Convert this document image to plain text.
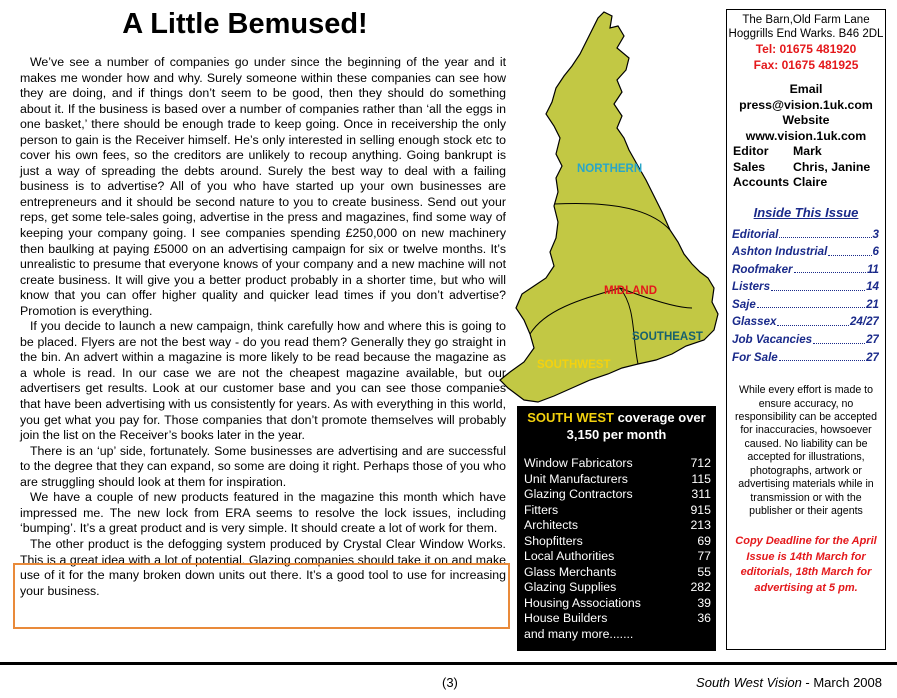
A Little Bemused!

We’ve see a number of companies go under since the beginning of the year and it makes me wonder how and why. Surely someone within these companies can see how they are doing, and if things don’t seem to be good, then they should do something about it. If the business is based over a number of companies rather than ‘all the eggs in one basket,’ there should be enough trade to keep going. Once in receivership the only person to gain is the Receiver himself. He’s only interested in selling enough stock etc to cover his own fees, so the creditors are unlikely to recoup anything. Going bankrupt is just a way of spreading the debts around. Surely the best way to deal with a failing business is to advertise? All of you who have started up your own businesses are entrepreneurs and it should be second nature to you to create business. Send out your reps, get some tele-sales going, advertise in the press and magazines, find some way of keeping your company going. I see companies spending £250,000 on new machinery then baulking at paying £5000 on an advertising campaign for six or twelve months. It’s unrealistic to presume that everyone knows of your company and a new machine will not create business. It will give you a better product probably in a shorter time, but who will know that you can offer higher quality and quicker lead times if you don’t advertise? Promotion is everything.

If you decide to launch a new campaign, think carefully how and where this is going to be placed. Flyers are not the best way - do you read them? Generally they go straight in the bin. An advert within a magazine is more likely to be read because the magazine as a whole is read. In our case we are not the cheapest magazine available, but our advertisers get results. Look at our customer base and you can see those companies that have been advertising with us consistently for years. As with everything in this world, you get what you pay for. Those companies that don’t promote themselves will probably join the list on the Receiver’s books later in the year.

There is an ‘up’ side, fortunately. Some businesses are advertising and are successful to the degree that they can expand, so some are doing it right. Perhaps those of you who are struggling should look at them for inspiration.

We have a couple of new products featured in the magazine this month which have impressed me. The new lock from ERA seems to resolve the lock issues, including ‘bumping’. It’s a great product and is very simple. It should create a lot of work for them.

The other product is the defogging system produced by Crystal Clear Window Works. This is a great idea with a lot of potential. Glazing companies should take it on and make use of it for the many broken down units out there. It’s a good tool to use for increasing your business.

NORTHERN
MIDLAND
SOUTHEAST
SOUTHWEST
SOUTH WEST coverage over
3,150 per month
Window Fabricators	712
Unit Manufacturers	115
Glazing Contractors	311
Fitters	915
Architects	213
Shopfitters	69
Local Authorities	77
Glass Merchants	55
Glazing Supplies	282
Housing Associations	39
House Builders	36
and many more.......
The Barn,Old Farm Lane
Hoggrills End Warks. B46 2DL
Tel: 01675 481920
Fax: 01675 481925
Email
press@vision.1uk.com
Website
www.vision.1uk.com
Editor Mark
Sales Chris, Janine
Accounts Claire
Inside This Issue
Editorial	3
Ashton Industrial	6
Roofmaker	11
Listers	14
Saje	21
Glassex	24/27
Job Vacancies	27
For Sale	27
While every effort is made to ensure accuracy, no responsibility can be accepted for inaccuracies, howsoever caused. No liability can be accepted for illustrations, photographs, artwork or advertising materials while in transmission or with the publisher or their agents
Copy Deadline for the April Issue is 14th March for editorials, 18th March for advertising at 5 pm.
(3)	South West Vision - March 2008
